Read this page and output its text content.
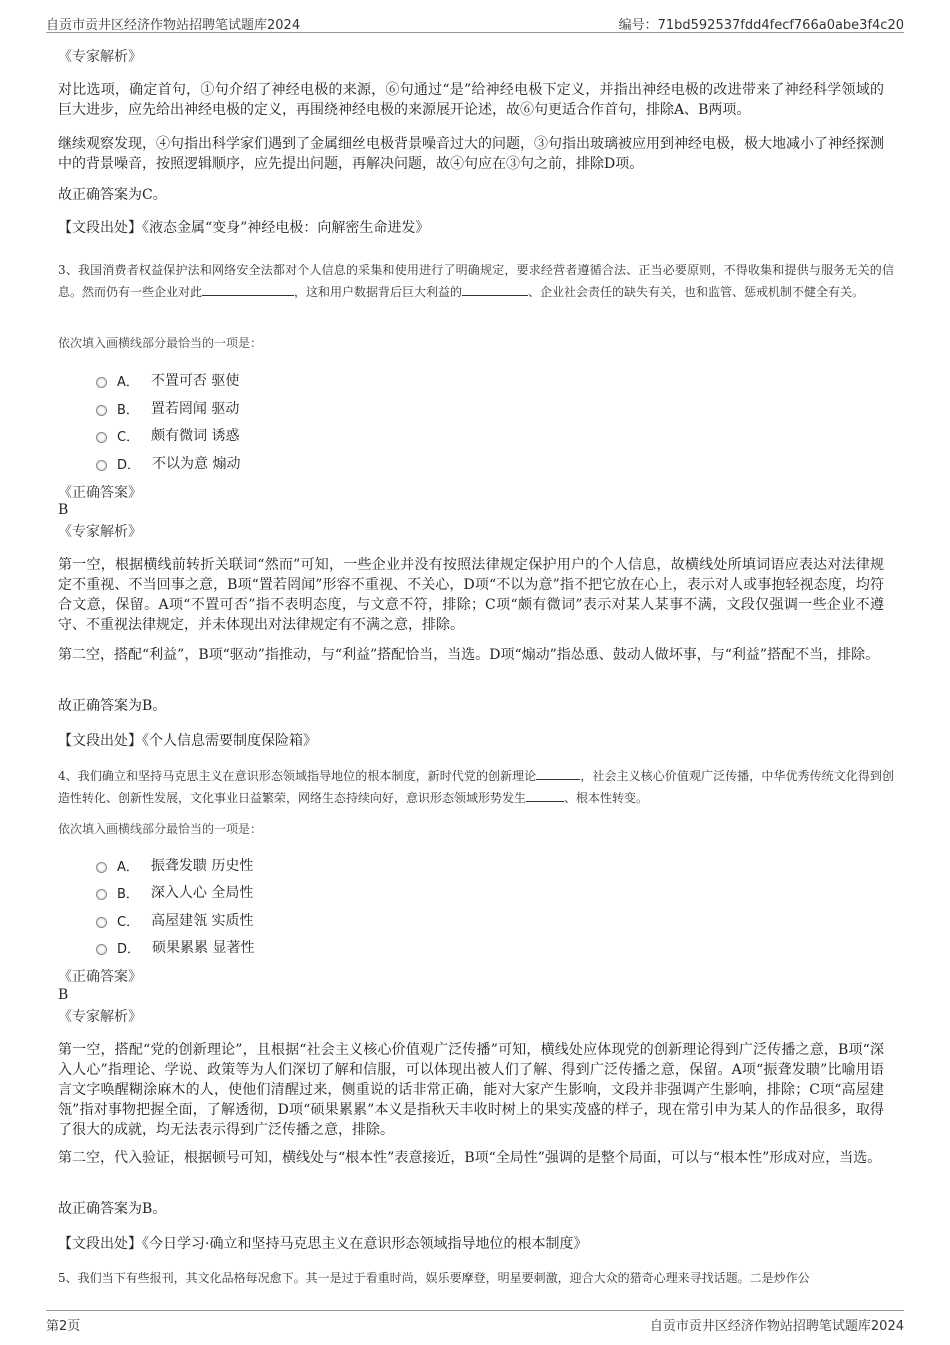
自贡市贡井区经济作物站招聘笔试题库2024	编号：71bd592537fdd4fecf766a0abe3f4c20
《专家解析》
对比选项，确定首句，①句介绍了神经电极的来源，⑥句通过“是”给神经电极下定义，并指出神经电极的改进带来了神经科学领域的巨大进步，应先给出神经电极的定义，再围绕神经电极的来源展开论述，故⑥句更适合作首句，排除A、B两项。
继续观察发现，④句指出科学家们遇到了金属细丝电极背景噪音过大的问题，③句指出玻璃被应用到神经电极，极大地减小了神经探测中的背景噪音，按照逻辑顺序，应先提出问题，再解决问题，故④句应在③句之前，排除D项。
故正确答案为C。
【文段出处】《液态金属“变身”神经电极：向解密生命进发》
3、我国消费者权益保护法和网络安全法都对个人信息的采集和使用进行了明确规定，要求经营者遵循合法、正当必要原则，不得收集和提供与服务无关的信息。然而仍有一些企业对此	，这和用户数据背后巨大利益的	、企业社会责任的缺失有关，也和监管、惩戒机制不健全有关。
依次填入画横线部分最恰当的一项是：
A． 不置可否 驱使
B． 置若罔闻 驱动
C． 颇有微词 诱惑
D． 不以为意 煽动
《正确答案》
B
《专家解析》
第一空，根据横线前转折关联词“然而”可知，一些企业并没有按照法律规定保护用户的个人信息，故横线处所填词语应表达对法律规定不重视、不当回事之意，B项“置若罔闻”形容不重视、不关心，D项“不以为意”指不把它放在心上，表示对人或事抱轻视态度，均符合文意，保留。A项“不置可否”指不表明态度，与文意不符，排除；C项“颇有微词”表示对某人某事不满，文段仅强调一些企业不遵守、不重视法律规定，并未体现出对法律规定有不满之意，排除。
第二空，搭配“利益”，B项“驱动”指推动，与“利益”搭配恰当，当选。D项“煽动”指怂恿、鼓动人做坏事，与“利益”搭配不当，排除。
故正确答案为B。
【文段出处】《个人信息需要制度保险箱》
4、我们确立和坚持马克思主义在意识形态领域指导地位的根本制度，新时代党的创新理论	，社会主义核心价值观广泛传播，中华优秀传统文化得到创造性转化、创新性发展，文化事业日益繁荣，网络生态持续向好，意识形态领域形势发生	、根本性转变。
依次填入画横线部分最恰当的一项是：
A． 振聋发聩 历史性
B． 深入人心 全局性
C． 高屋建瓴 实质性
D． 硕果累累 显著性
《正确答案》
B
《专家解析》
第一空，搭配“党的创新理论”，且根据“社会主义核心价值观广泛传播”可知，横线处应体现党的创新理论得到广泛传播之意，B项“深入人心”指理论、学说、政策等为人们深切了解和信服，可以体现出被人们了解、得到广泛传播之意，保留。A项“振聋发聩”比喻用语言文字唤醒糊涂麻木的人，使他们清醒过来，侧重说的话非常正确，能对大家产生影响，文段并非强调产生影响，排除；C项“高屋建瓴”指对事物把握全面，了解透彻，D项“硕果累累”本义是指秋天丰收时树上的果实茂盛的样子，现在常引申为某人的作品很多，取得了很大的成就，均无法表示得到广泛传播之意，排除。
第二空，代入验证，根据顿号可知，横线处与“根本性”表意接近，B项“全局性”强调的是整个局面，可以与“根本性”形成对应，当选。
故正确答案为B。
【文段出处】《今日学习·确立和坚持马克思主义在意识形态领域指导地位的根本制度》
5、我们当下有些报刊，其文化品格每况愈下。其一是过于看重时尚，娱乐要摩登，明星要刺激，迎合大众的猎奇心理来寻找话题。二是炒作公
第2页	自贡市贡井区经济作物站招聘笔试题库2024
